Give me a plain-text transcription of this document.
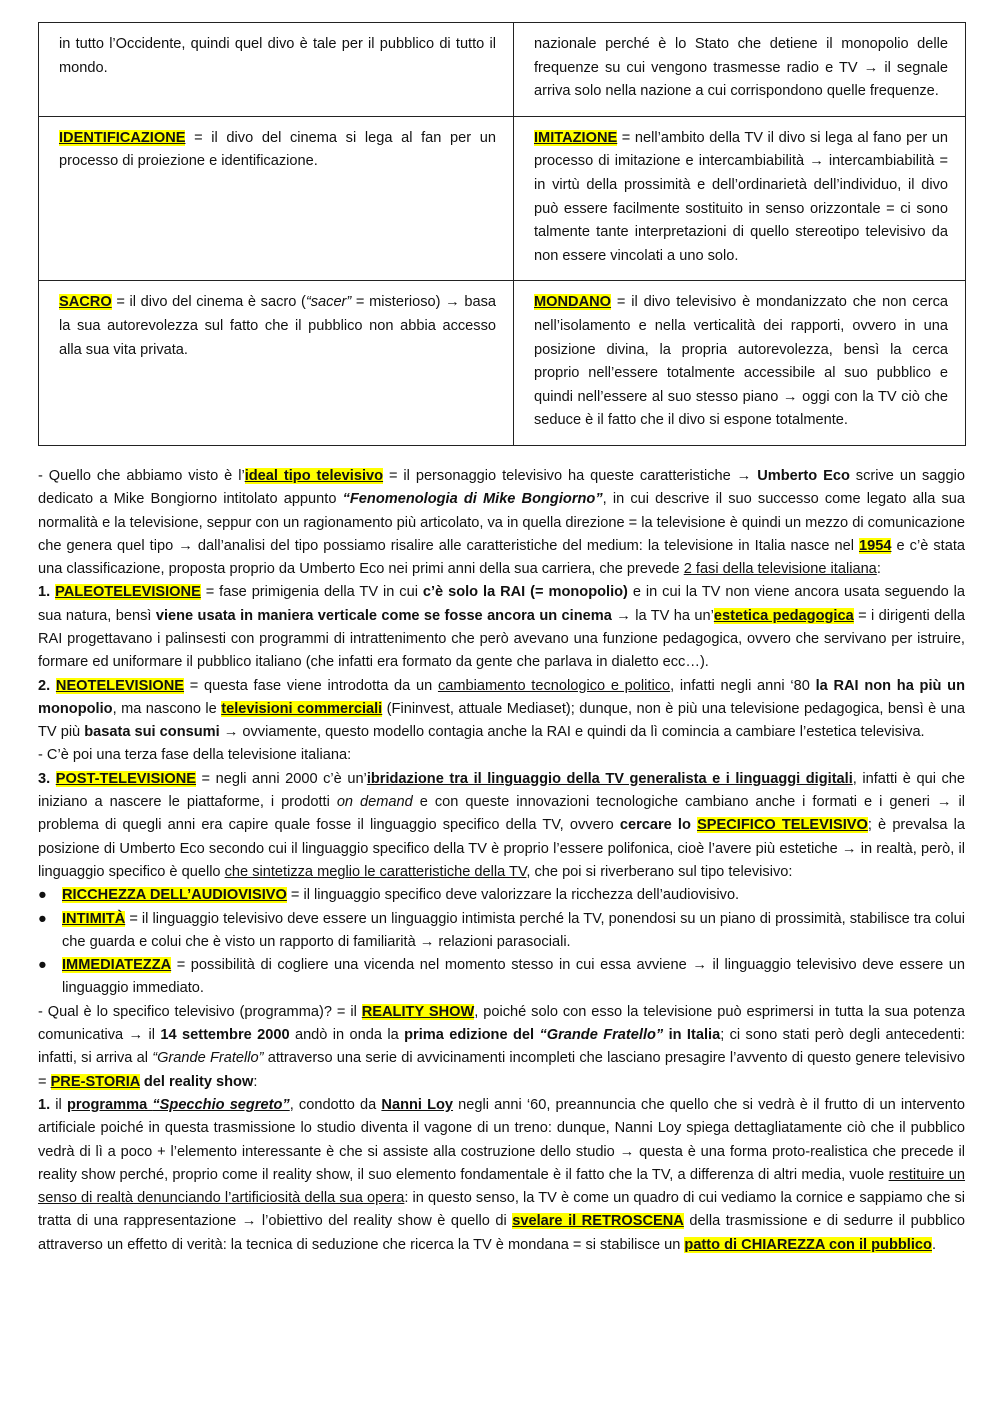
in tutto l’Occidente, quindi quel divo è tale per il pubblico di tutto il mondo.	nazionale perché è lo Stato che detiene il monopolio delle frequenze su cui vengono trasmesse radio e TV → il segnale arriva solo nella nazione a cui corrispondono quelle frequenze.
IDENTIFICAZIONE = il divo del cinema si lega al fan per un processo di proiezione e identificazione.	IMITAZIONE = nell’ambito della TV il divo si lega al fano per un processo di imitazione e intercambiabilità → intercambiabilità = in virtù della prossimità e dell’ordinarietà dell’individuo, il divo può essere facilmente sostituito in senso orizzontale = ci sono talmente tante interpretazioni di quello stereotipo televisivo da non essere vincolati a uno solo.
SACRO = il divo del cinema è sacro (“sacer” = misterioso) → basa la sua autorevolezza sul fatto che il pubblico non abbia accesso alla sua vita privata.	MONDANO = il divo televisivo è mondanizzato che non cerca nell’isolamento e nella verticalità dei rapporti, ovvero in una posizione divina, la propria autorevolezza, bensì la cerca proprio nell’essere totalmente accessibile al suo pubblico e quindi nell’essere al suo stesso piano → oggi con la TV ciò che seduce è il fatto che il divo si espone totalmente.

- Quello che abbiamo visto è l’ideal tipo televisivo = il personaggio televisivo ha queste caratteristiche → Umberto Eco scrive un saggio dedicato a Mike Bongiorno intitolato appunto “Fenomenologia di Mike Bongiorno”, in cui descrive il suo successo come legato alla sua normalità e la televisione, seppur con un ragionamento più articolato, va in quella direzione = la televisione è quindi un mezzo di comunicazione che genera quel tipo → dall’analisi del tipo possiamo risalire alle caratteristiche del medium: la televisione in Italia nasce nel 1954 e c’è stata una classificazione, proposta proprio da Umberto Eco nei primi anni della sua carriera, che prevede 2 fasi della televisione italiana:

1. PALEOTELEVISIONE = fase primigenia della TV in cui c’è solo la RAI (= monopolio) e in cui la TV non viene ancora usata seguendo la sua natura, bensì viene usata in maniera verticale come se fosse ancora un cinema → la TV ha un’estetica pedagogica = i dirigenti della RAI progettavano i palinsesti con programmi di intrattenimento che però avevano una funzione pedagogica, ovvero che servivano per istruire, formare ed uniformare il pubblico italiano (che infatti era formato da gente che parlava in dialetto ecc…).

2. NEOTELEVISIONE = questa fase viene introdotta da un cambiamento tecnologico e politico, infatti negli anni ‘80 la RAI non ha più un monopolio, ma nascono le televisioni commerciali (Fininvest, attuale Mediaset); dunque, non è più una televisione pedagogica, bensì è una TV più basata sui consumi → ovviamente, questo modello contagia anche la RAI e quindi da lì comincia a cambiare l’estetica televisiva.

- C’è poi una terza fase della televisione italiana:

3. POST-TELEVISIONE = negli anni 2000 c’è un’ibridazione tra il linguaggio della TV generalista e i linguaggi digitali, infatti è qui che iniziano a nascere le piattaforme, i prodotti on demand e con queste innovazioni tecnologiche cambiano anche i formati e i generi → il problema di quegli anni era capire quale fosse il linguaggio specifico della TV, ovvero cercare lo SPECIFICO TELEVISIVO; è prevalsa la posizione di Umberto Eco secondo cui il linguaggio specifico della TV è proprio l’essere polifonica, cioè l’avere più estetiche → in realtà, però, il linguaggio specifico è quello che sintetizza meglio le caratteristiche della TV, che poi si riverberano sul tipo televisivo:

● RICCHEZZA DELL’AUDIOVISIVO = il linguaggio specifico deve valorizzare la ricchezza dell’audiovisivo.

● INTIMITÀ = il linguaggio televisivo deve essere un linguaggio intimista perché la TV, ponendosi su un piano di prossimità, stabilisce tra colui che guarda e colui che è visto un rapporto di familiarità → relazioni parasociali.

● IMMEDIATEZZA = possibilità di cogliere una vicenda nel momento stesso in cui essa avviene → il linguaggio televisivo deve essere un linguaggio immediato.

- Qual è lo specifico televisivo (programma)? = il REALITY SHOW, poiché solo con esso la televisione può esprimersi in tutta la sua potenza comunicativa → il 14 settembre 2000 andò in onda la prima edizione del “Grande Fratello” in Italia; ci sono stati però degli antecedenti: infatti, si arriva al “Grande Fratello” attraverso una serie di avvicinamenti incompleti che lasciano presagire l’avvento di questo genere televisivo = PRE-STORIA del reality show:

1. il programma “Specchio segreto”, condotto da Nanni Loy negli anni ‘60, preannuncia che quello che si vedrà è il frutto di un intervento artificiale poiché in questa trasmissione lo studio diventa il vagone di un treno: dunque, Nanni Loy spiega dettagliatamente ciò che il pubblico vedrà di lì a poco + l’elemento interessante è che si assiste alla costruzione dello studio → questa è una forma proto-realistica che precede il reality show perché, proprio come il reality show, il suo elemento fondamentale è il fatto che la TV, a differenza di altri media, vuole restituire un senso di realtà denunciando l’artificiosità della sua opera: in questo senso, la TV è come un quadro di cui vediamo la cornice e sappiamo che si tratta di una rappresentazione → l’obiettivo del reality show è quello di svelare il RETROSCENA della trasmissione e di sedurre il pubblico attraverso un effetto di verità: la tecnica di seduzione che ricerca la TV è mondana = si stabilisce un patto di CHIAREZZA con il pubblico.
